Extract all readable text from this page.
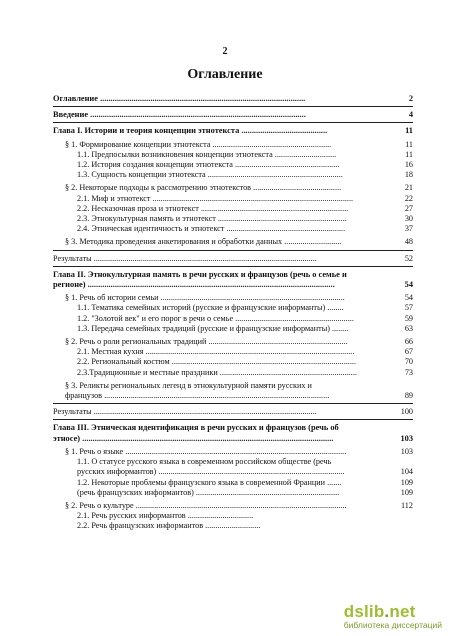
2
Оглавление
Оглавление ..................................................................................................	2
Введение .......................................................................................................	4
Глава I. Истории и теория концепции этнотекста .........................................	11
§ 1. Формирование концепции этнотекста ..........................................................	11
1.1. Предпосылки возникновения концепции этнотекста ..............................	11
1.2. История создания концепции этнотекста ...................................................	16
1.3. Сущность концепции этнотекста ..................................................................	18
§ 2. Некоторые подходы к рассмотрению этнотекстов ...........................................	21
2.1. Миф и этнотекст ..................................................................................................	22
2.2. Несказочная проза и этнотекст ........................................................................	27
2.3. Этнокультурная память и этнотекст ...............................................................	30
2.4. Этническая идентичность и этнотекст ..........................................................	37
§ 3. Методика проведения анкетирования и обработки данных ............................	48
Результаты .............................................................................................................	52
Глава II. Этнокультурная память в речи русских и французов (речь о семье и
регионе) ......................................................................................................................	54
§ 1. Речь об истории семьи ..........................................................................................	54
1.1. Тематика семейных историй (русские и французские информанты) ........	57
1.2. "Золотой век" и его порог в речи о семье ..........................................................	59
1.3. Передача семейных традиций (русские и французские информанты) ........	63
§ 2. Речь о роли региональных традиций ....................................................................	66
2.1. Местная кухня ......................................................................................................	67
2.2. Региональный костюм ..........................................................................................	70
2.3.Традиционные и местные праздники ...................................................................	73
§ 3. Реликты региональных легенд в этнокультурной памяти русских и
французов ..............................................................................................................	89
Результаты .............................................................................................................	100
Глава III. Этническая идентификация в речи русских и французов (речь об
этносе) ........................................................................................................................	103
§ 1. Речь о языке ............................................................................................................	103
1.1. О статусе русского языка в современном российском обществе (речь
русских информантов) ...........................................................................................	104
1.2. Некоторые проблемы французского языка в современной Франции .......	109
(речь французских информантов) ......................................................................	109
§ 2. Речь о культуре .......................................................................................................	112
2.1. Речь русских информантов ................................
2.2. Речь французских информантов ...........................
dslib.net
библиотека диссертаций
